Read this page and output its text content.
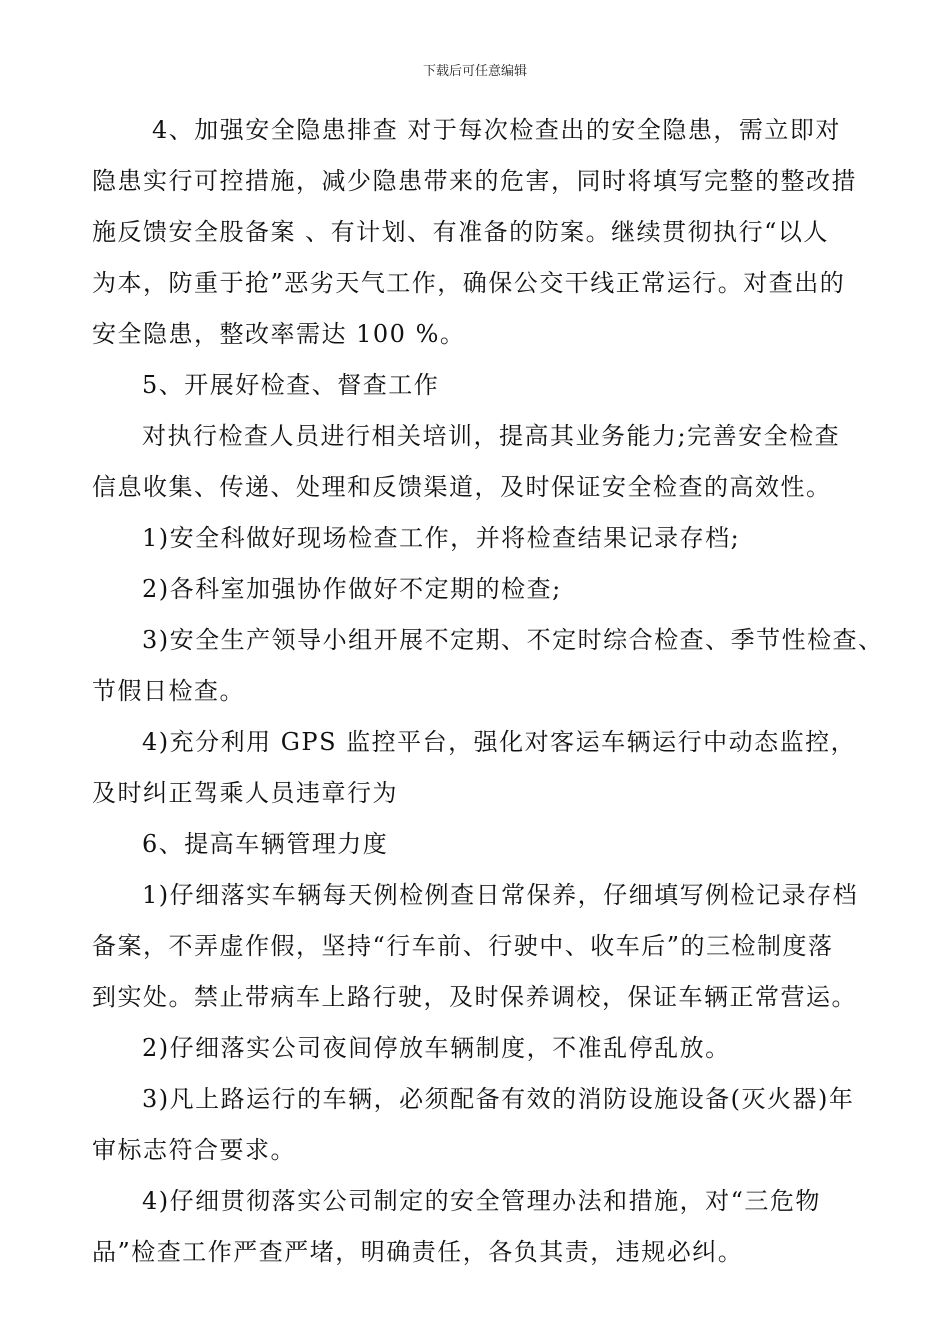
下载后可任意编辑
4、加强安全隐患排查 对于每次检查出的安全隐患，需立即对
隐患实行可控措施，减少隐患带来的危害，同时将填写完整的整改措
施反馈安全股备案 、有计划、有准备的防案。继续贯彻执行“以人
为本，防重于抢”恶劣天气工作，确保公交干线正常运行。对查出的
安全隐患，整改率需达 100 %。
5、开展好检查、督查工作
对执行检查人员进行相关培训，提高其业务能力;完善安全检查
信息收集、传递、处理和反馈渠道，及时保证安全检查的高效性。
1)安全科做好现场检查工作，并将检查结果记录存档;
2)各科室加强协作做好不定期的检查;
3)安全生产领导小组开展不定期、不定时综合检查、季节性检查、
节假日检查。
4)充分利用 GPS 监控平台，强化对客运车辆运行中动态监控，
及时纠正驾乘人员违章行为
6、提高车辆管理力度
1)仔细落实车辆每天例检例查日常保养，仔细填写例检记录存档
备案，不弄虚作假，坚持“行车前、行驶中、收车后”的三检制度落
到实处。禁止带病车上路行驶，及时保养调校，保证车辆正常营运。
2)仔细落实公司夜间停放车辆制度，不准乱停乱放。
3)凡上路运行的车辆，必须配备有效的消防设施设备(灭火器)年
审标志符合要求。
4)仔细贯彻落实公司制定的安全管理办法和措施，对“三危物
品”检查工作严查严堵，明确责任，各负其责，违规必纠。
